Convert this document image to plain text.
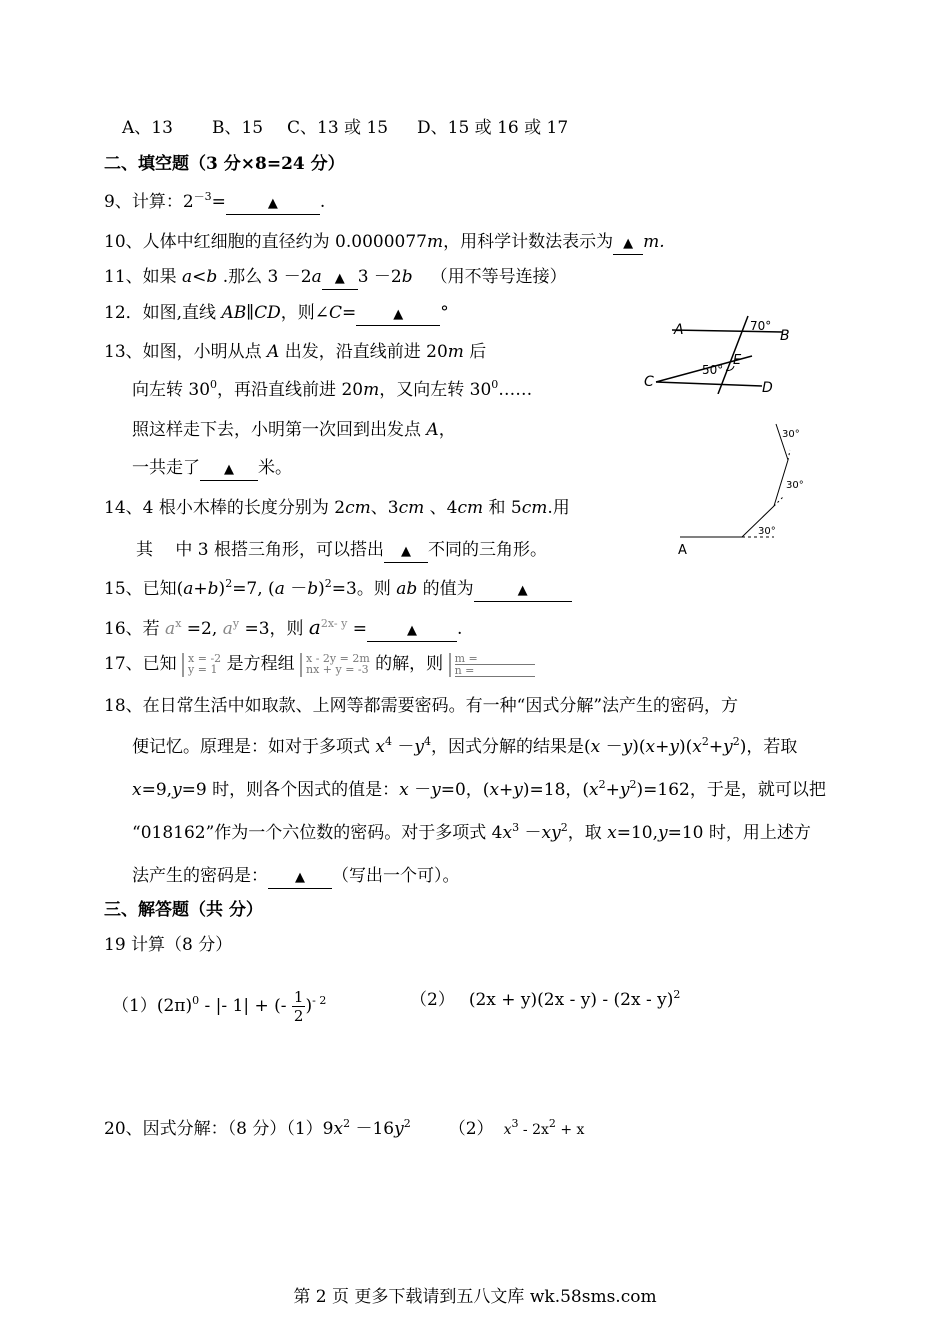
A、13 B、15 C、13 或 15 D、15 或 16 或 17
二、填空题（3 分×8=24 分）
9、计算：$2^{-3}=$	▲ .
10、人体中红细胞的直径约为 0.0000077m，用科学计数法表示为 ▲ m.
11、如果 a<b .那么 3 －2a ▲ 3 －2b （用不等号连接）
12．如图,直线 AB∥CD，则∠C=	▲ °
13、如图，小明从点 A 出发，沿直线前进 20m 后
向左转 $30^0$，再沿直线前进 20m，又向左转 $30^0\dots\dots$
照这样走下去，小明第一次回到出发点 A，
一共走了 ▲ 米。
14、4 根小木棒的长度分别为 2cm、3cm 、4cm 和 5cm.用
其　 中 3 根搭三角形，可以搭出 ▲ 不同的三角形。
15、已知$(a+b)^2=7$, $(a -b)^2=3$。则 ab 的值为	▲
16、若 $a^x =2$, $a^y =3$，则 $a^{2x- y}$ =	▲ .
17、已知 x = -2
y = 1 是方程组 x - 2y = 2m
nx + y = -3 的解，则 $\frac{m =}{n =}$
18、在日常生活中如取款、上网等都需要密码。有一种“因式分解”法产生的密码，方
便记忆。原理是：如对于多项式 $x^4 -y^4$，因式分解的结果是$(x -y)(x+y)(x^2+y^2)$，若取
x=9,y=9 时，则各个因式的值是：x －y=0，(x+y)=18，$(x^2+y^2)=162$，于是，就可以把
“018162”作为一个六位数的密码。对于多项式 $4x^3 -xy^2$，取 x=10,y=10 时，用上述方
法产生的密码是： ▲ （写出一个可）。
三、解答题（共 分）
19 计算（8 分）
$(1)(2\pi)^0$ - |- 1| + (- $\frac{1}{2} )^{- 2}$	（2） (2x + y)(2x - y) - (2x - y)$^2$
20、因式分解：（8 分）$(1)9x^2 -16y^2$ （2） $x^3 - 2x^2 + x$
A	B
C	D
E
70°
50°
A
30°
30°
30°
第 2 页 更多下载请到五八文库 wk.58sms.com
